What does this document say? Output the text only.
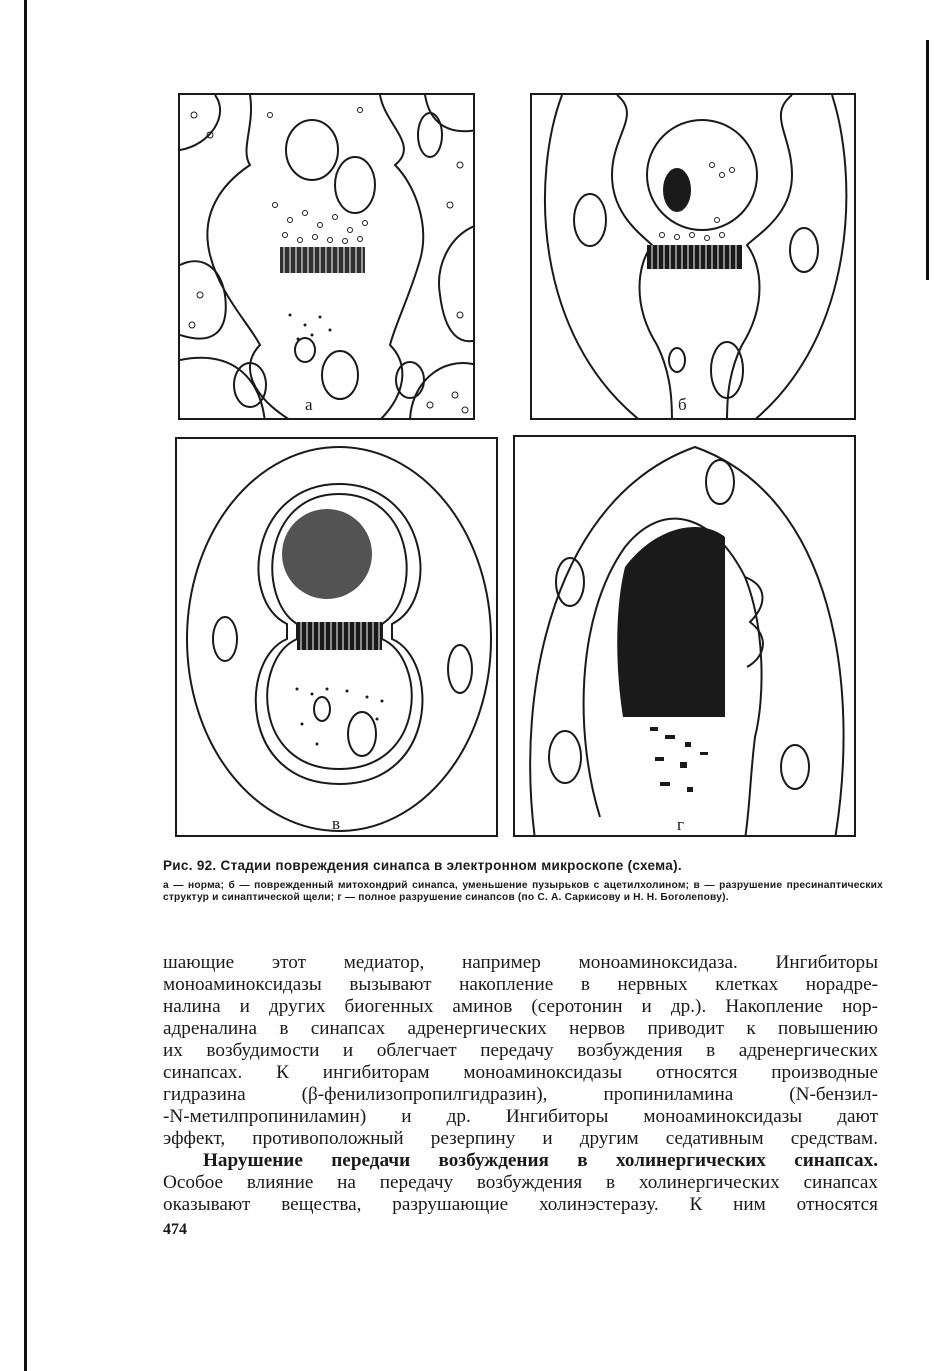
а	б
в	г
Рис. 92. Стадии повреждения синапса в электронном микроскопе (схема).
а — норма; б — поврежденный митохондрий синапса, уменьшение пузырьков с ацетилхолином; в — разрушение пресинаптических структур и синаптической щели; г — полное разрушение синапсов (по С. А. Саркисову и Н. Н. Боголепову).

шающие этот медиатор, например моноаминоксидаза. Ингибиторы

моноаминоксидазы вызывают накопление в нервных клетках норадре-

налина и других биогенных аминов (серотонин и др.). Накопление нор-

адреналина в синапсах адренергических нервов приводит к повышению

их возбудимости и облегчает передачу возбуждения в адренергических

синапсах. К ингибиторам моноаминоксидазы относятся производные

гидразина (β-фенилизопропилгидразин), пропиниламина (N-бензил-

-N-метилпропиниламин) и др. Ингибиторы моноаминоксидазы дают

эффект, противоположный резерпину и другим седативным средствам.

Нарушение передачи возбуждения в холинергических синапсах.

Особое влияние на передачу возбуждения в холинергических синапсах

оказывают вещества, разрушающие холинэстеразу. К ним относятся

474
